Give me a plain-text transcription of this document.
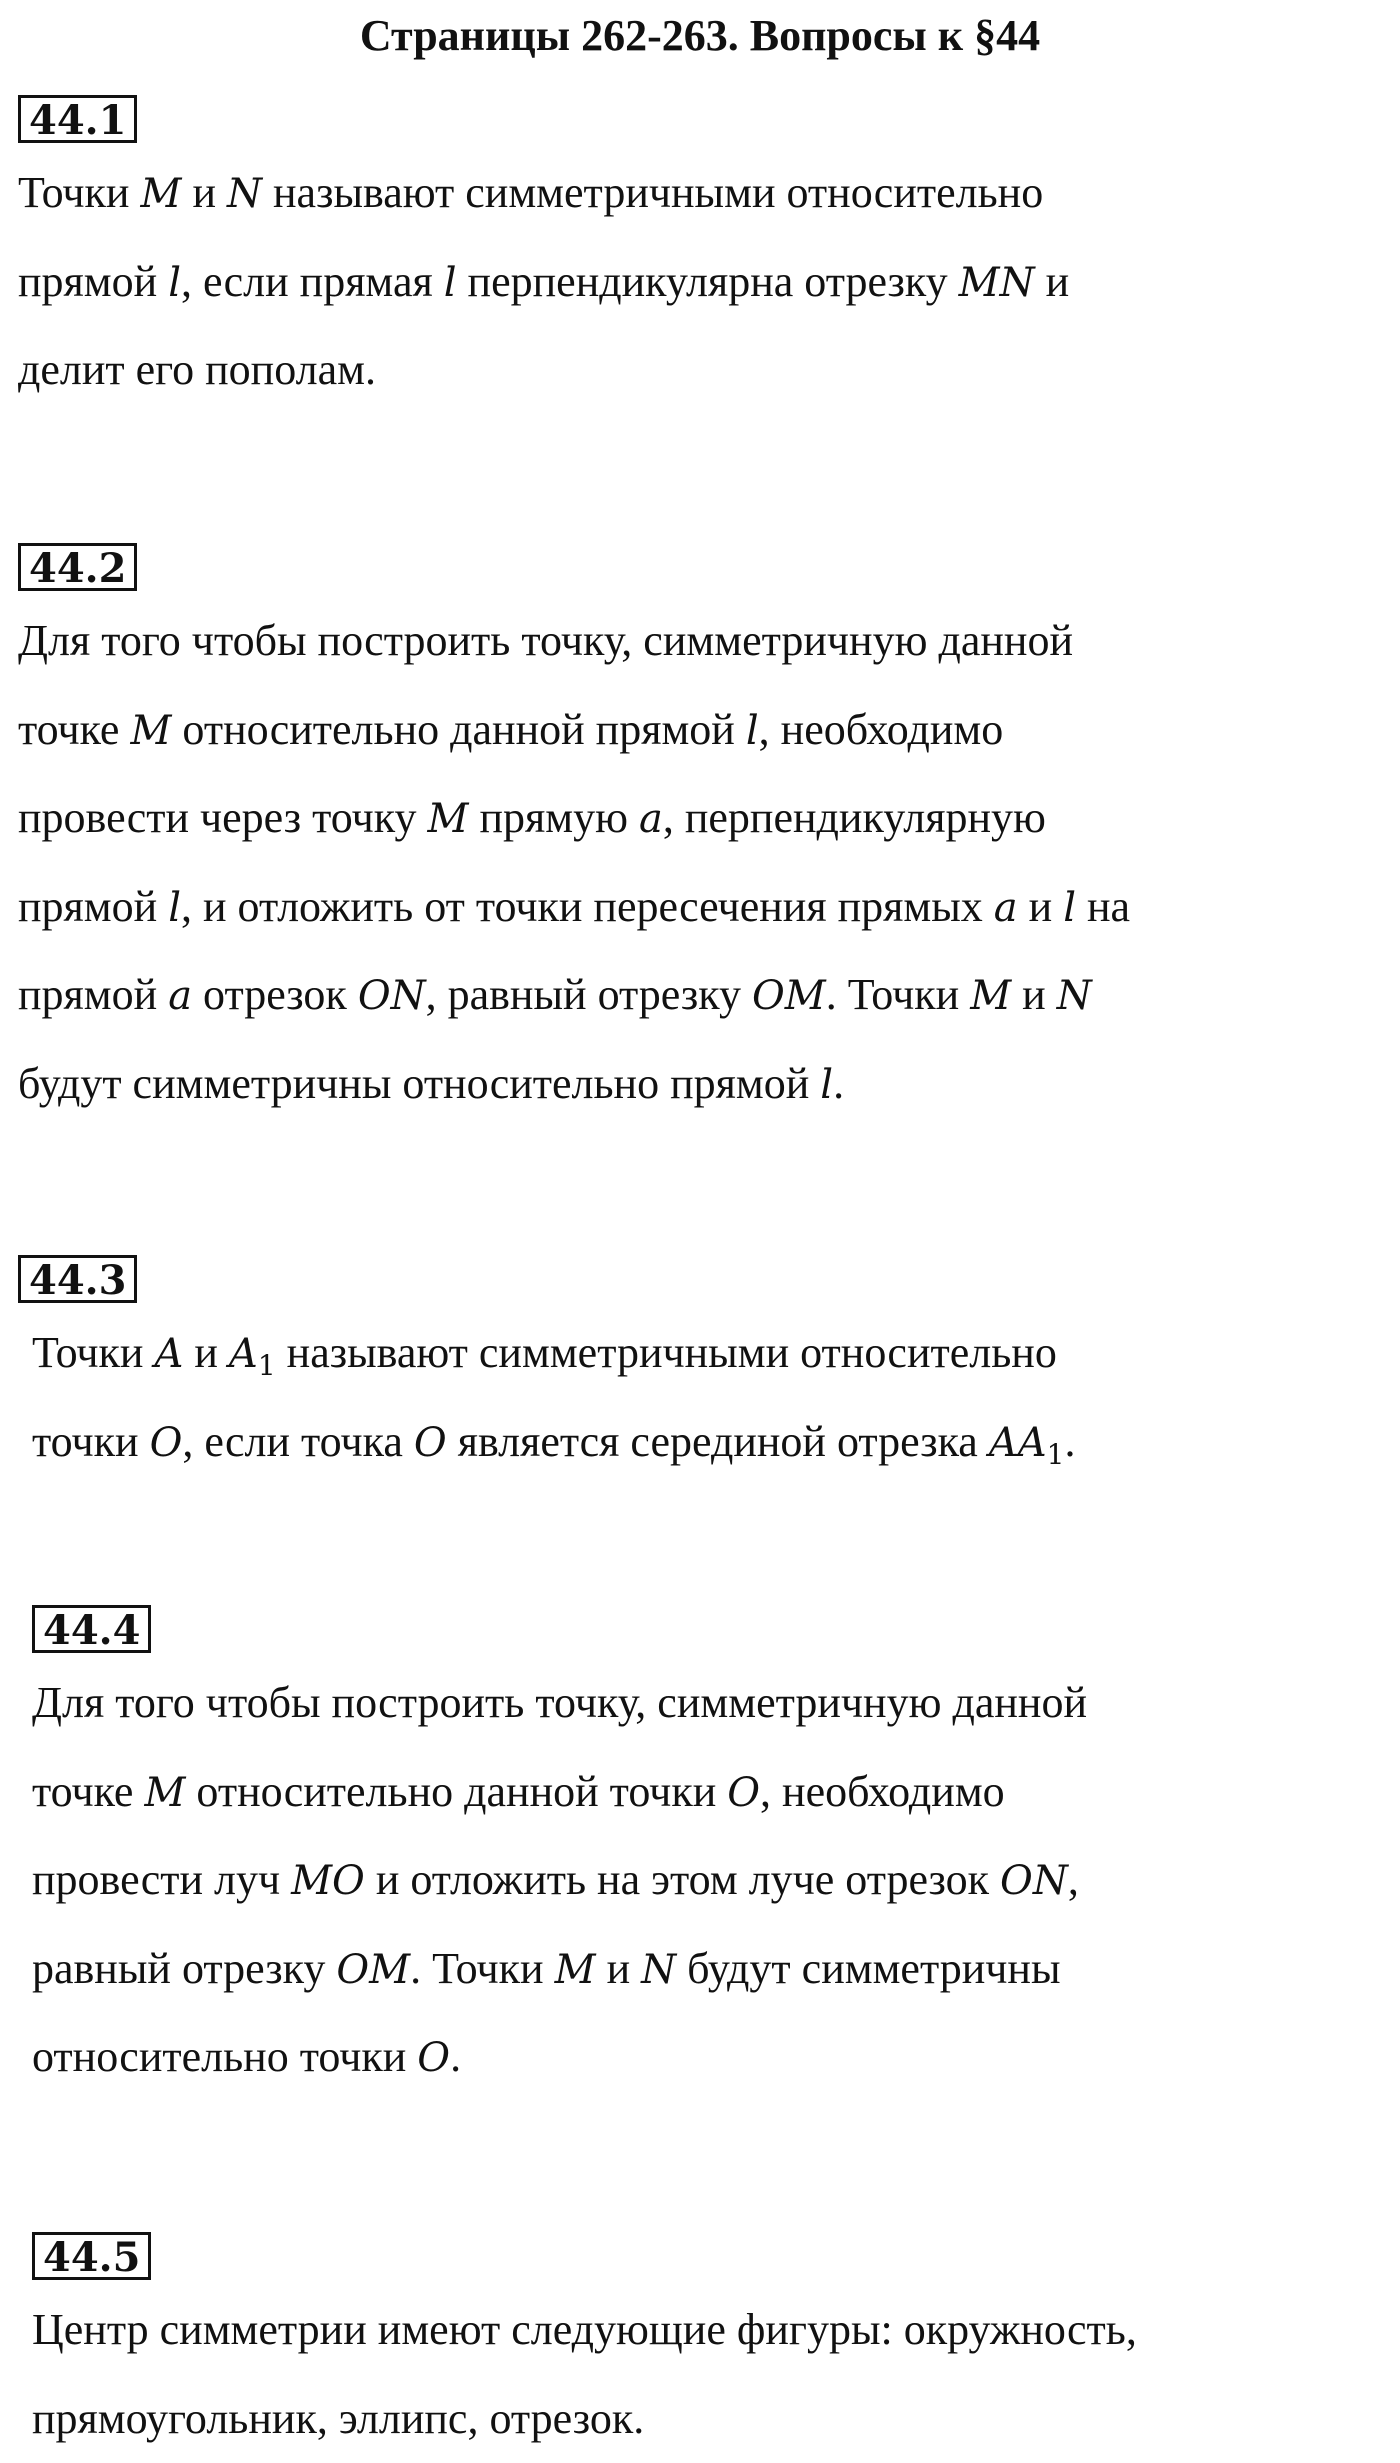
Страницы 262-263. Вопросы к §44
44.1

Точки M и N называют симметричными относительно
прямой l, если прямая l перпендикулярна отрезку MN и
делит его пополам.

44.2

Для того чтобы построить точку, симметричную данной
точке M относительно данной прямой l, необходимо
провести через точку M прямую a, перпендикулярную
прямой l, и отложить от точки пересечения прямых a и l на
прямой a отрезок ON, равный отрезку OM. Точки M и N
будут симметричны относительно прямой l.

44.3

Точки A и $A_1$ называют симметричными относительно
точки O, если точка O является серединой отрезка $AA_1$.

44.4

Для того чтобы построить точку, симметричную данной
точке M относительно данной точки O, необходимо
провести луч MO и отложить на этом луче отрезок ON,
равный отрезку OM. Точки M и N будут симметричны
относительно точки O.

44.5

Центр симметрии имеют следующие фигуры: окружность,
прямоугольник, эллипс, отрезок.
